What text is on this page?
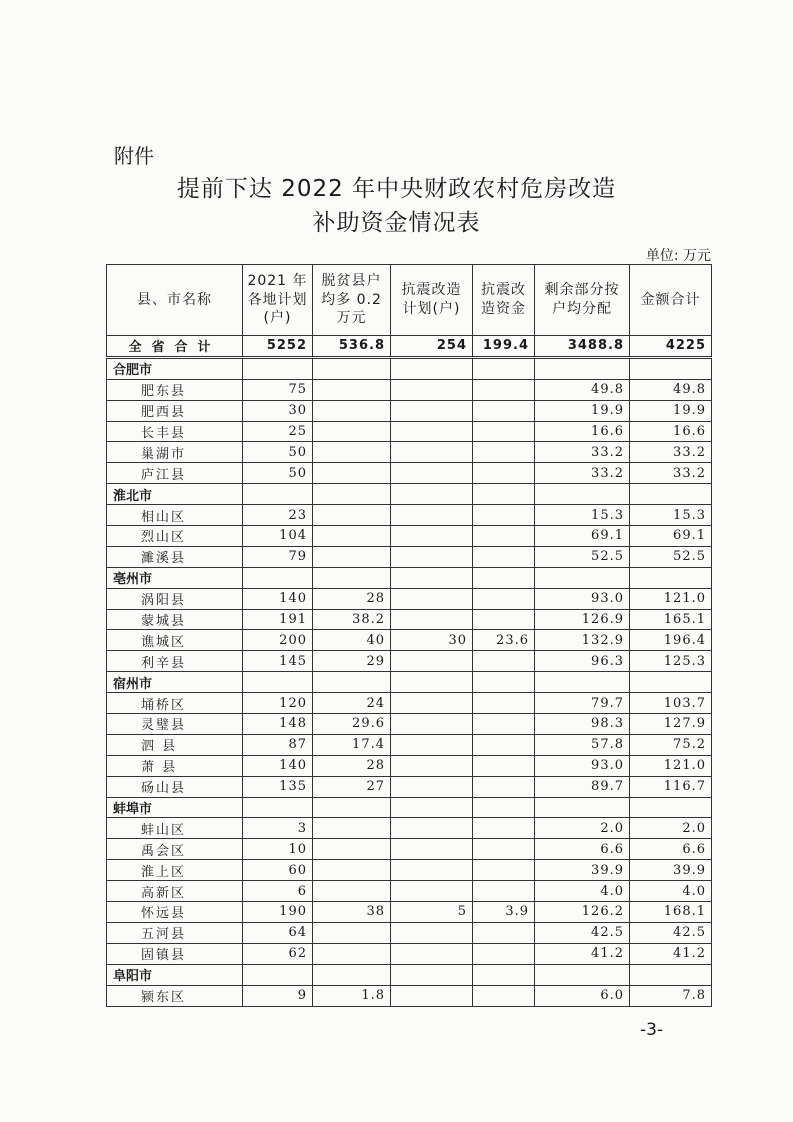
附件
提前下达 2022 年中央财政农村危房改造
补助资金情况表
单位: 万元
县、市名称	2021 年各地计划(户)	脱贫县户均多 0.2 万元	抗震改造计划(户)	抗震改造资金	剩余部分按户均分配	金额合计
全省合计	5252	536.8	254	199.4	3488.8	4225
合肥市						
肥东县	75				49.8	49.8
肥西县	30				19.9	19.9
长丰县	25				16.6	16.6
巢湖市	50				33.2	33.2
庐江县	50				33.2	33.2
淮北市						
相山区	23				15.3	15.3
烈山区	104				69.1	69.1
濉溪县	79				52.5	52.5
亳州市						
涡阳县	140	28			93.0	121.0
蒙城县	191	38.2			126.9	165.1
谯城区	200	40	30	23.6	132.9	196.4
利辛县	145	29			96.3	125.3
宿州市						
埇桥区	120	24			79.7	103.7
灵璧县	148	29.6			98.3	127.9
泗 县	87	17.4			57.8	75.2
萧 县	140	28			93.0	121.0
砀山县	135	27			89.7	116.7
蚌埠市						
蚌山区	3				2.0	2.0
禹会区	10				6.6	6.6
淮上区	60				39.9	39.9
高新区	6				4.0	4.0
怀远县	190	38	5	3.9	126.2	168.1
五河县	64				42.5	42.5
固镇县	62				41.2	41.2
阜阳市						
颍东区	9	1.8			6.0	7.8
-3-
